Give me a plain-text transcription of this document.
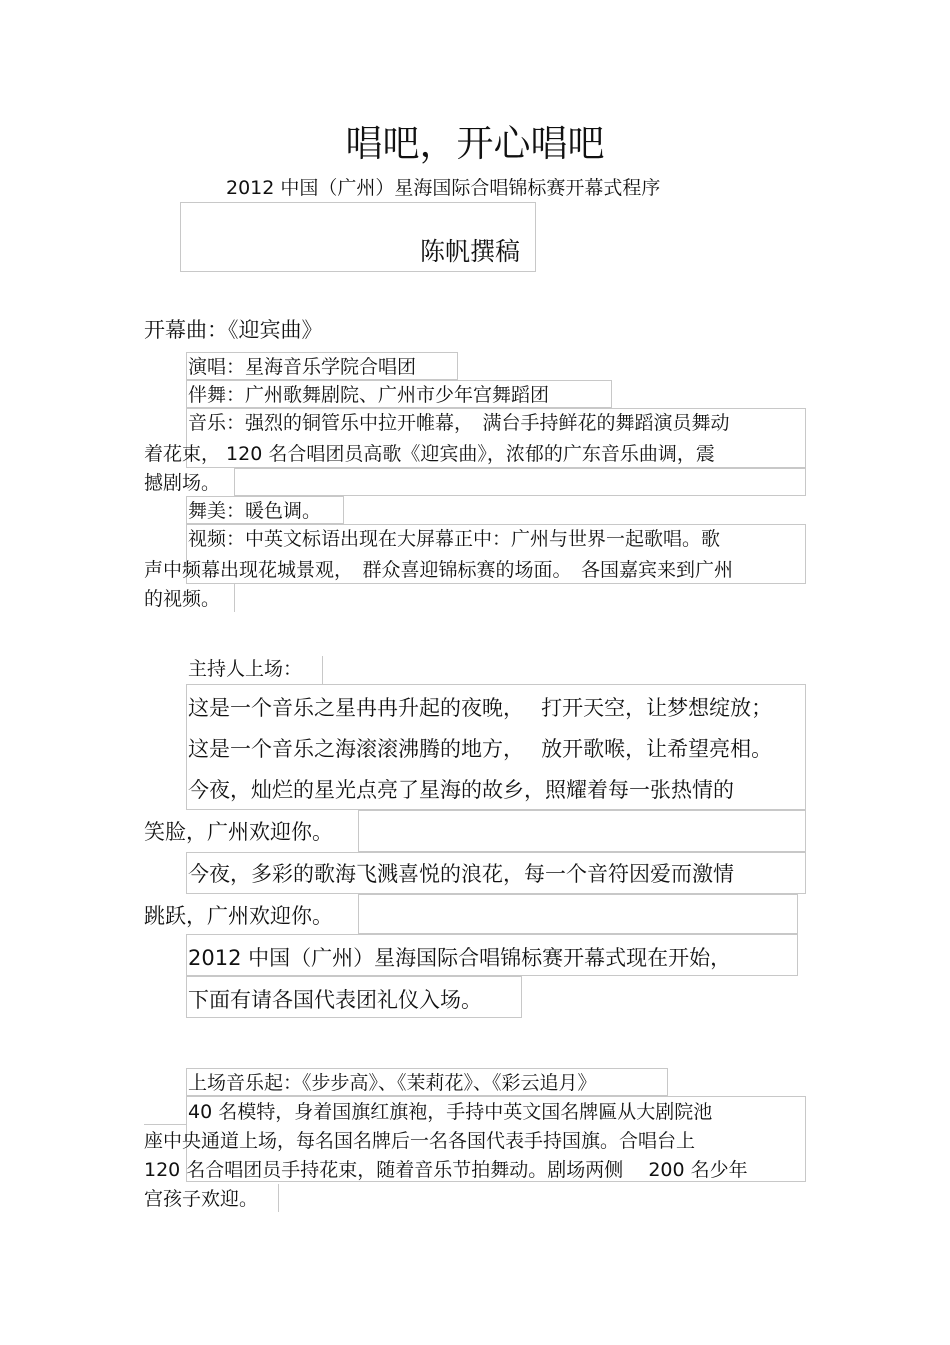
唱吧，开心唱吧
2012 中国（广州）星海国际合唱锦标赛开幕式程序
陈帆撰稿
开幕曲：《迎宾曲》
演唱：星海音乐学院合唱团
伴舞：广州歌舞剧院、广州市少年宫舞蹈团
音乐：强烈的铜管乐中拉开帷幕，　满台手持鲜花的舞蹈演员舞动
着花束， 120 名合唱团员高歌《迎宾曲》，浓郁的广东音乐曲调，震
撼剧场。
舞美：暖色调。
视频：中英文标语出现在大屏幕正中：广州与世界一起歌唱。歌
声中频幕出现花城景观，　群众喜迎锦标赛的场面。　各国嘉宾来到广州
的视频。
主持人上场：
这是一个音乐之星冉冉升起的夜晚，　 打开天空，让梦想绽放；
这是一个音乐之海滚滚沸腾的地方，　 放开歌喉，让希望亮相。
今夜，灿烂的星光点亮了星海的故乡，照耀着每一张热情的
笑脸，广州欢迎你。
今夜，多彩的歌海飞溅喜悦的浪花，每一个音符因爱而激情
跳跃，广州欢迎你。
2012 中国（广州）星海国际合唱锦标赛开幕式现在开始，
下面有请各国代表团礼仪入场。
上场音乐起：《步步高》、《茉莉花》、《彩云追月》
40 名模特，身着国旗红旗袍，手持中英文国名牌匾从大剧院池
座中央通道上场，每名国名牌后一名各国代表手持国旗。合唱台上
120 名合唱团员手持花束，随着音乐节拍舞动。剧场两侧　 200 名少年
宫孩子欢迎。
